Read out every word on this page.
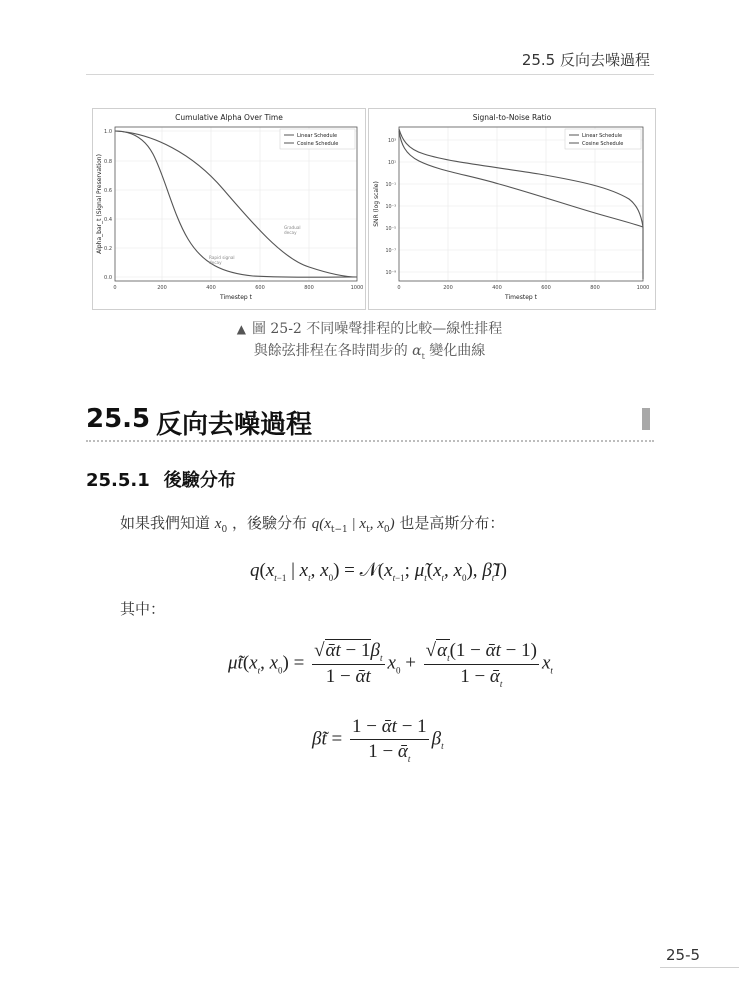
25.5 反向去噪過程
Cumulative Alpha Over Time
1.0
0.8
0.6
0.4
0.2
0.0
0	200	400	600	800	1000
Timestep t
Alpha_bar_t (Signal Preservation)
Linear Schedule
Cosine Schedule
Rapid signal
decay
Gradual
decay
Signal-to-Noise Ratio
10³
10¹
10⁻¹
10⁻³
10⁻⁵
10⁻⁷
10⁻⁹
0	200	400	600	800	1000
Timestep t
SNR (log scale)
Linear Schedule
Cosine Schedule
▲ 圖 25-2 不同噪聲排程的比較—線性排程
與餘弦排程在各時間步的 $\alpha_t$ 變化曲線
25.5 反向去噪過程
25.5.1 後驗分布
如果我們知道 $x_0$ ，後驗分布 $q(x_{t-1}$ | $x_t$, $x_0$) 也是高斯分布：
$q(x_{t-1}$ | $x_t$, $x_0$) = $𝒩(x_{t-1}$; $\mũ_t(x_t$, $x_0$), $\betã_tI$)
其中：
$\mũt(x_t$, $x_0) = \frac{√ᾱt - 1\beta_t}{\text{1 − ᾱt}} x_0 + \frac{√\alpha_t(1 - ᾱt - 1)}{1 - ᾱ_t} x_t$
β̃t = $\frac{\text{1 − ᾱt − 1}}{1 - ᾱ_t} \beta_t$
25-5
